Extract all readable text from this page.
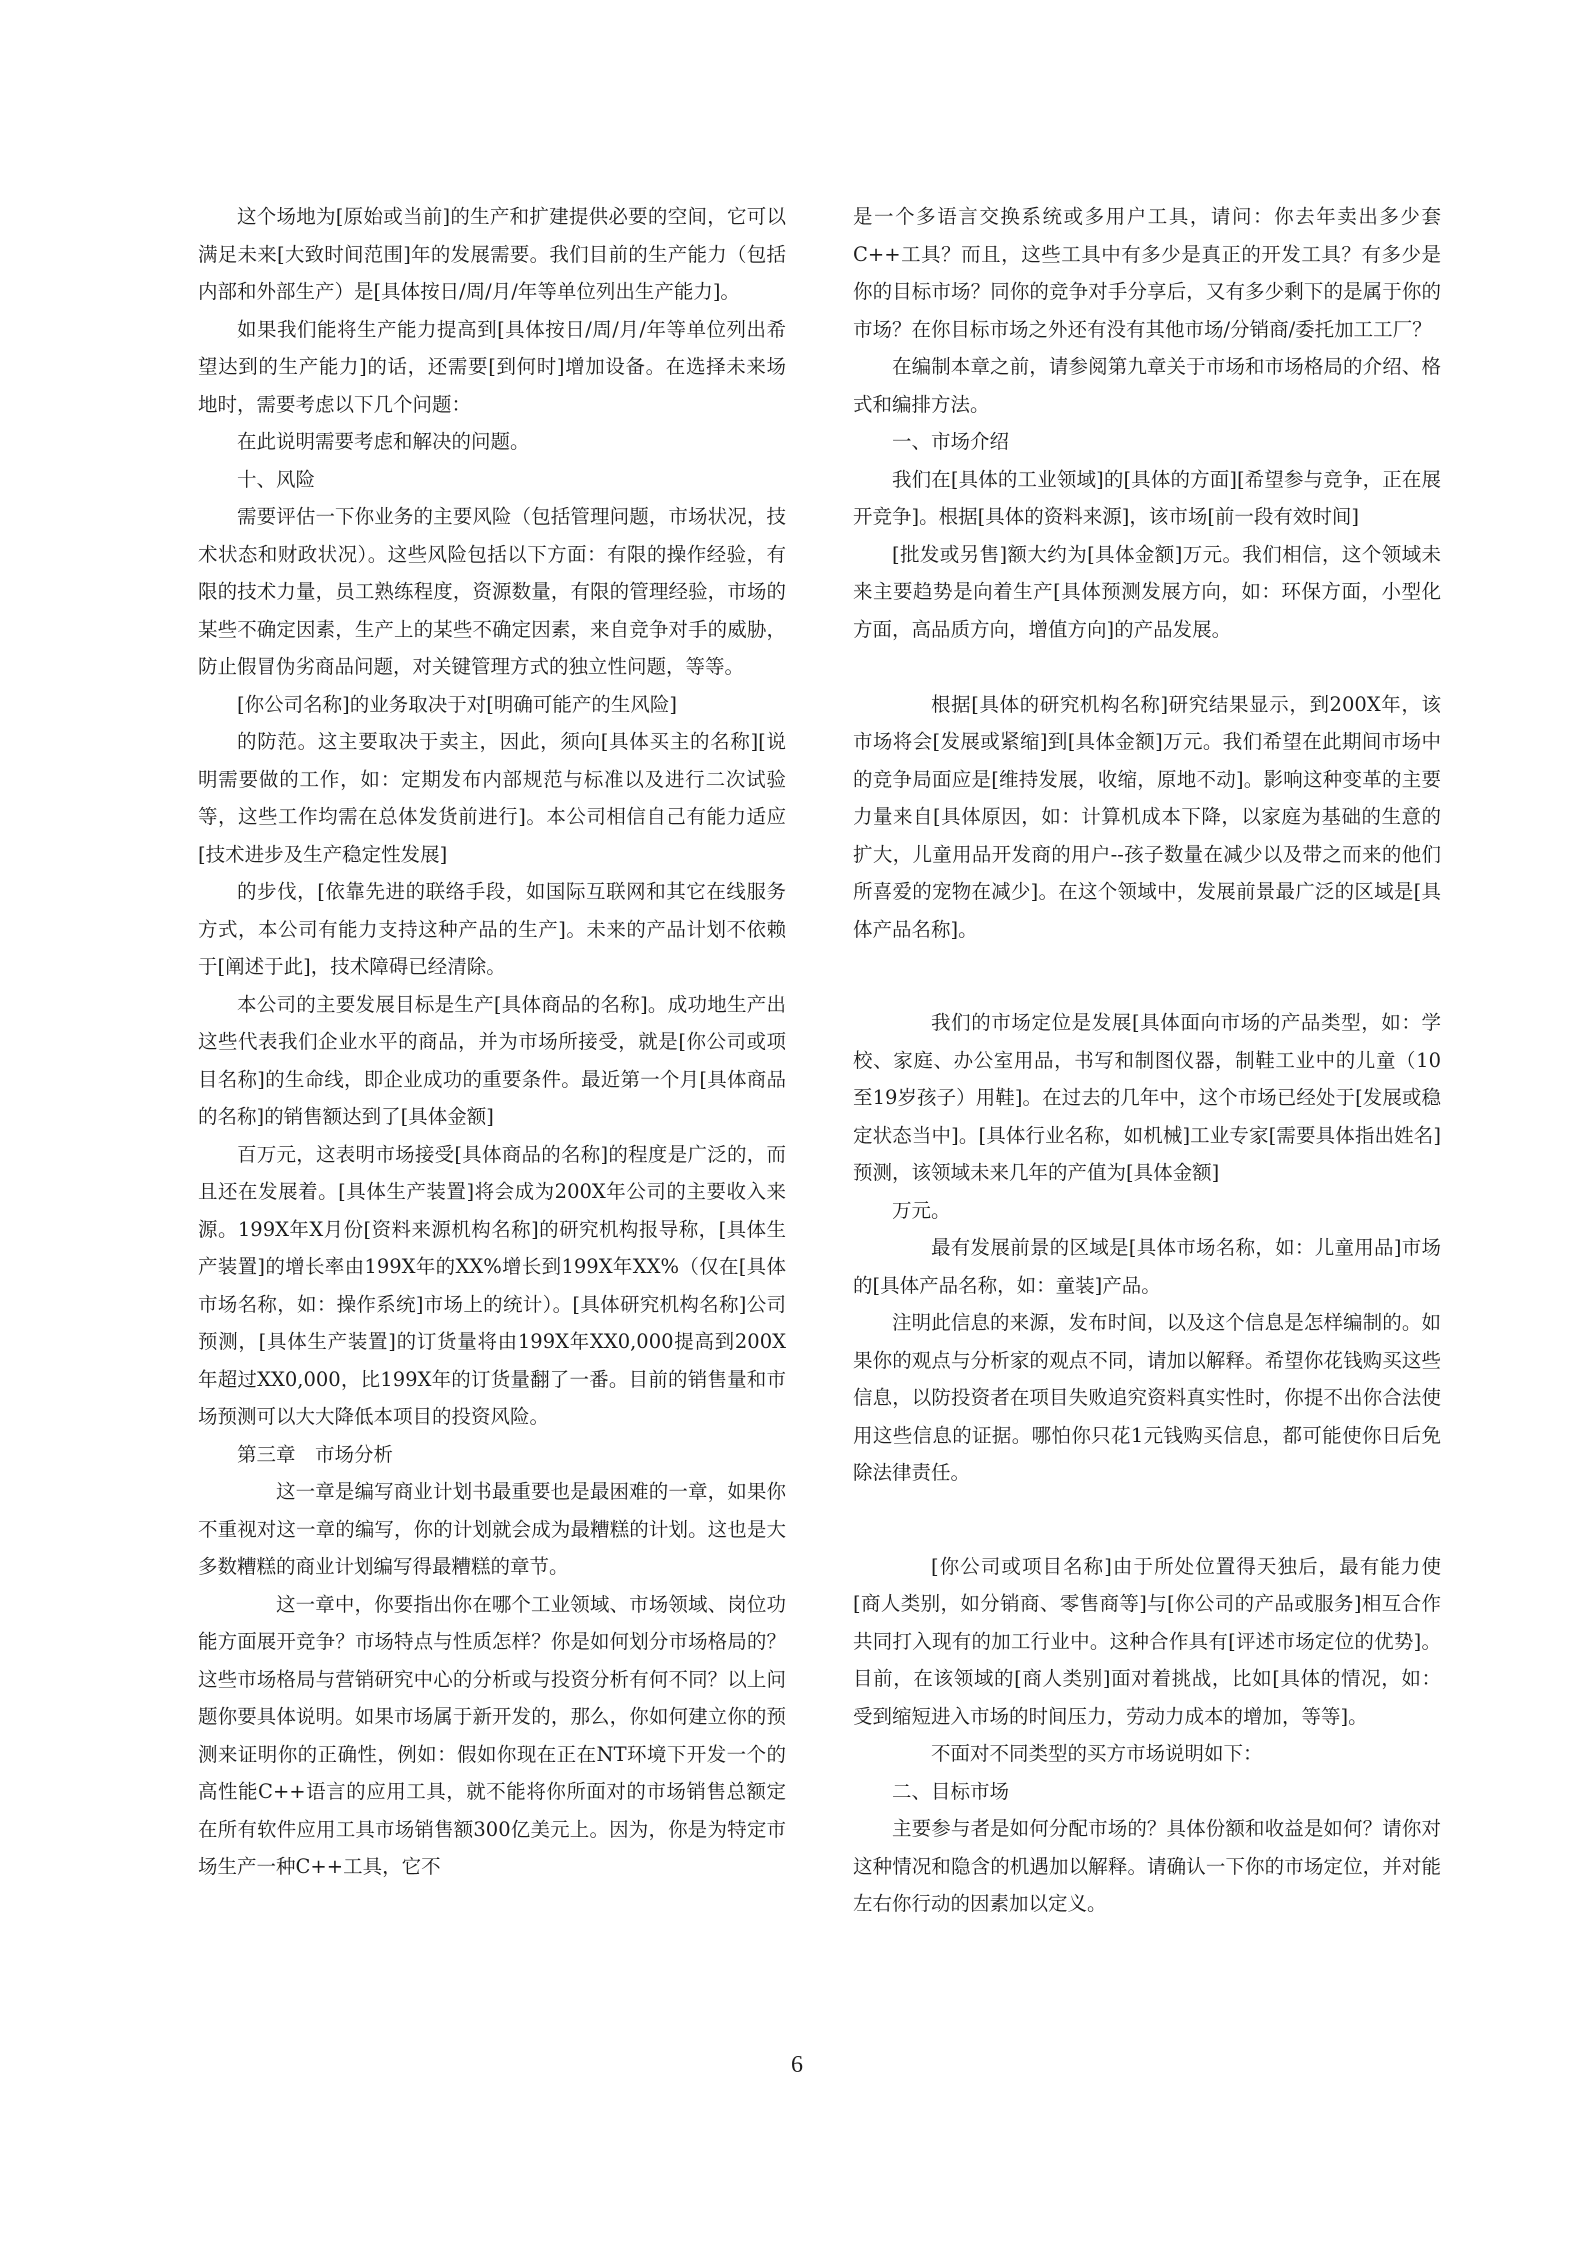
这个场地为[原始或当前]的生产和扩建提供必要的空间，它可以满足未来[大致时间范围]年的发展需要。我们目前的生产能力（包括内部和外部生产）是[具体按日/周/月/年等单位列出生产能力]。

如果我们能将生产能力提高到[具体按日/周/月/年等单位列出希望达到的生产能力]的话，还需要[到何时]增加设备。在选择未来场地时，需要考虑以下几个问题：

在此说明需要考虑和解决的问题。

十、风险

需要评估一下你业务的主要风险（包括管理问题，市场状况，技术状态和财政状况）。这些风险包括以下方面：有限的操作经验，有限的技术力量，员工熟练程度，资源数量，有限的管理经验，市场的某些不确定因素，生产上的某些不确定因素，来自竞争对手的威胁，防止假冒伪劣商品问题，对关键管理方式的独立性问题，等等。

[你公司名称]的业务取决于对[明确可能产的生风险]

的防范。这主要取决于卖主，因此，须向[具体买主的名称][说明需要做的工作，如：定期发布内部规范与标准以及进行二次试验等，这些工作均需在总体发货前进行]。本公司相信自己有能力适应[技术进步及生产稳定性发展]

的步伐，[依靠先进的联络手段，如国际互联网和其它在线服务方式，本公司有能力支持这种产品的生产]。未来的产品计划不依赖于[阐述于此]，技术障碍已经清除。

本公司的主要发展目标是生产[具体商品的名称]。成功地生产出这些代表我们企业水平的商品，并为市场所接受，就是[你公司或项目名称]的生命线，即企业成功的重要条件。最近第一个月[具体商品的名称]的销售额达到了[具体金额]

百万元，这表明市场接受[具体商品的名称]的程度是广泛的，而且还在发展着。[具体生产装置]将会成为200X年公司的主要收入来源。199X年X月份[资料来源机构名称]的研究机构报导称，[具体生产装置]的增长率由199X年的XX%增长到199X年XX%（仅在[具体市场名称，如：操作系统]市场上的统计）。[具体研究机构名称]公司预测，[具体生产装置]的订货量将由199X年XX0,000提高到200X年超过XX0,000，比199X年的订货量翻了一番。目前的销售量和市场预测可以大大降低本项目的投资风险。

第三章　市场分析

这一章是编写商业计划书最重要也是最困难的一章，如果你不重视对这一章的编写，你的计划就会成为最糟糕的计划。这也是大多数糟糕的商业计划编写得最糟糕的章节。

这一章中，你要指出你在哪个工业领域、市场领域、岗位功能方面展开竞争？市场特点与性质怎样？你是如何划分市场格局的？这些市场格局与营销研究中心的分析或与投资分析有何不同？以上问题你要具体说明。如果市场属于新开发的，那么，你如何建立你的预测来证明你的正确性，例如：假如你现在正在NT环境下开发一个的高性能C++语言的应用工具，就不能将你所面对的市场销售总额定在所有软件应用工具市场销售额300亿美元上。因为，你是为特定市场生产一种C++工具，它不

是一个多语言交换系统或多用户工具，请问：你去年卖出多少套C++工具？而且，这些工具中有多少是真正的开发工具？有多少是你的目标市场？同你的竞争对手分享后，又有多少剩下的是属于你的市场？在你目标市场之外还有没有其他市场/分销商/委托加工工厂？

在编制本章之前，请参阅第九章关于市场和市场格局的介绍、格式和编排方法。

一、市场介绍

我们在[具体的工业领域]的[具体的方面][希望参与竞争，正在展开竞争]。根据[具体的资料来源]，该市场[前一段有效时间]

[批发或另售]额大约为[具体金额]万元。我们相信，这个领域未来主要趋势是向着生产[具体预测发展方向，如：环保方面，小型化方面，高品质方向，增值方向]的产品发展。

根据[具体的研究机构名称]研究结果显示，到200X年，该市场将会[发展或紧缩]到[具体金额]万元。我们希望在此期间市场中的竞争局面应是[维持发展，收缩，原地不动]。影响这种变革的主要力量来自[具体原因，如：计算机成本下降，以家庭为基础的生意的扩大，儿童用品开发商的用户--孩子数量在减少以及带之而来的他们所喜爱的宠物在减少]。在这个领域中，发展前景最广泛的区域是[具体产品名称]。

我们的市场定位是发展[具体面向市场的产品类型，如：学校、家庭、办公室用品，书写和制图仪器，制鞋工业中的儿童（10至19岁孩子）用鞋]。在过去的几年中，这个市场已经处于[发展或稳定状态当中]。[具体行业名称，如机械]工业专家[需要具体指出姓名]预测，该领域未来几年的产值为[具体金额]

万元。

最有发展前景的区域是[具体市场名称，如：儿童用品]市场的[具体产品名称，如：童装]产品。

注明此信息的来源，发布时间，以及这个信息是怎样编制的。如果你的观点与分析家的观点不同，请加以解释。希望你花钱购买这些信息，以防投资者在项目失败追究资料真实性时，你提不出你合法使用这些信息的证据。哪怕你只花1元钱购买信息，都可能使你日后免除法律责任。

[你公司或项目名称]由于所处位置得天独后，最有能力使[商人类别，如分销商、零售商等]与[你公司的产品或服务]相互合作共同打入现有的加工行业中。这种合作具有[评述市场定位的优势]。目前，在该领域的[商人类别]面对着挑战，比如[具体的情况，如：受到缩短进入市场的时间压力，劳动力成本的增加，等等]。

不面对不同类型的买方市场说明如下：

二、目标市场

主要参与者是如何分配市场的？具体份额和收益是如何？请你对这种情况和隐含的机遇加以解释。请确认一下你的市场定位，并对能左右你行动的因素加以定义。

6
